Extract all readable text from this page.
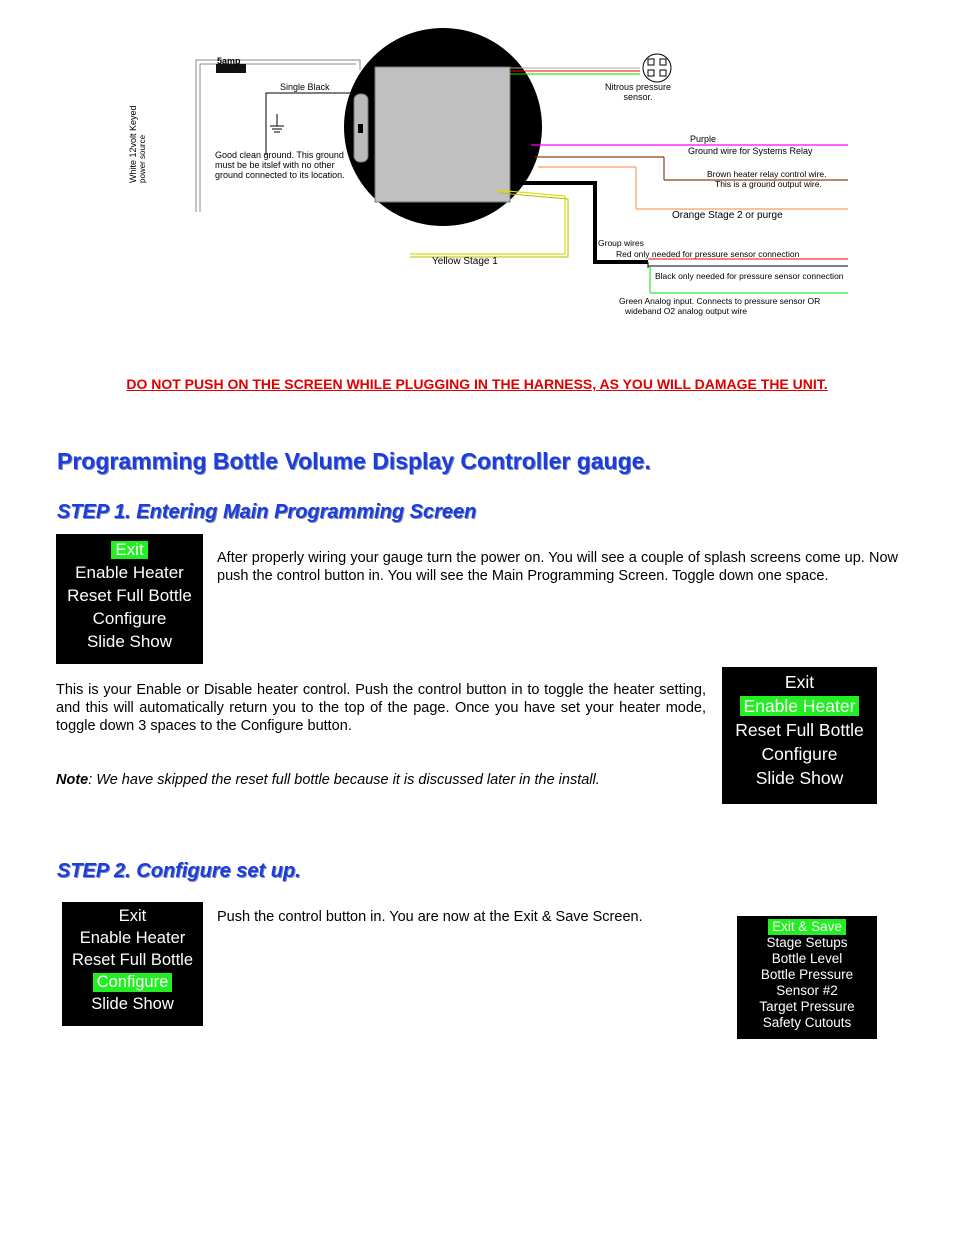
5amp
White 12volt Keyed power source
Single Black
Good clean ground. This ground
must be be itslef with no other
ground connected to its location.
Nitrous pressure
sensor.
Purple
Ground wire for Systems Relay
Brown heater relay control wire.
This is a ground output wire.
Orange Stage 2 or purge
Group wires
Red only needed for pressure sensor connection
Black only needed for pressure sensor connection
Green Analog input. Connects to pressure sensor OR
wideband O2 analog output wire
Yellow Stage 1
DO NOT PUSH ON THE SCREEN WHILE PLUGGING IN THE HARNESS, AS YOU WILL DAMAGE THE UNIT.
Programming Bottle Volume Display Controller gauge.
STEP 1. Entering Main Programming Screen
Exit
Enable Heater
Reset Full Bottle
Configure
Slide Show
After properly wiring your gauge turn the power on. You will see a couple of splash screens come up. Now push the control button in. You will see the Main Programming Screen. Toggle down one space.
This is your Enable or Disable heater control. Push the control button in to toggle the heater setting, and this will automatically return you to the top of the page. Once you have set your heater mode, toggle down 3 spaces to the Configure button.
Note: We have skipped the reset full bottle because it is discussed later in the install.
Exit
Enable Heater
Reset Full Bottle
Configure
Slide Show
STEP 2. Configure set up.
Exit
Enable Heater
Reset Full Bottle
Configure
Slide Show
Push the control button in. You are now at the Exit & Save Screen.
Exit & Save
Stage Setups
Bottle Level
Bottle Pressure
Sensor #2
Target Pressure
Safety Cutouts
